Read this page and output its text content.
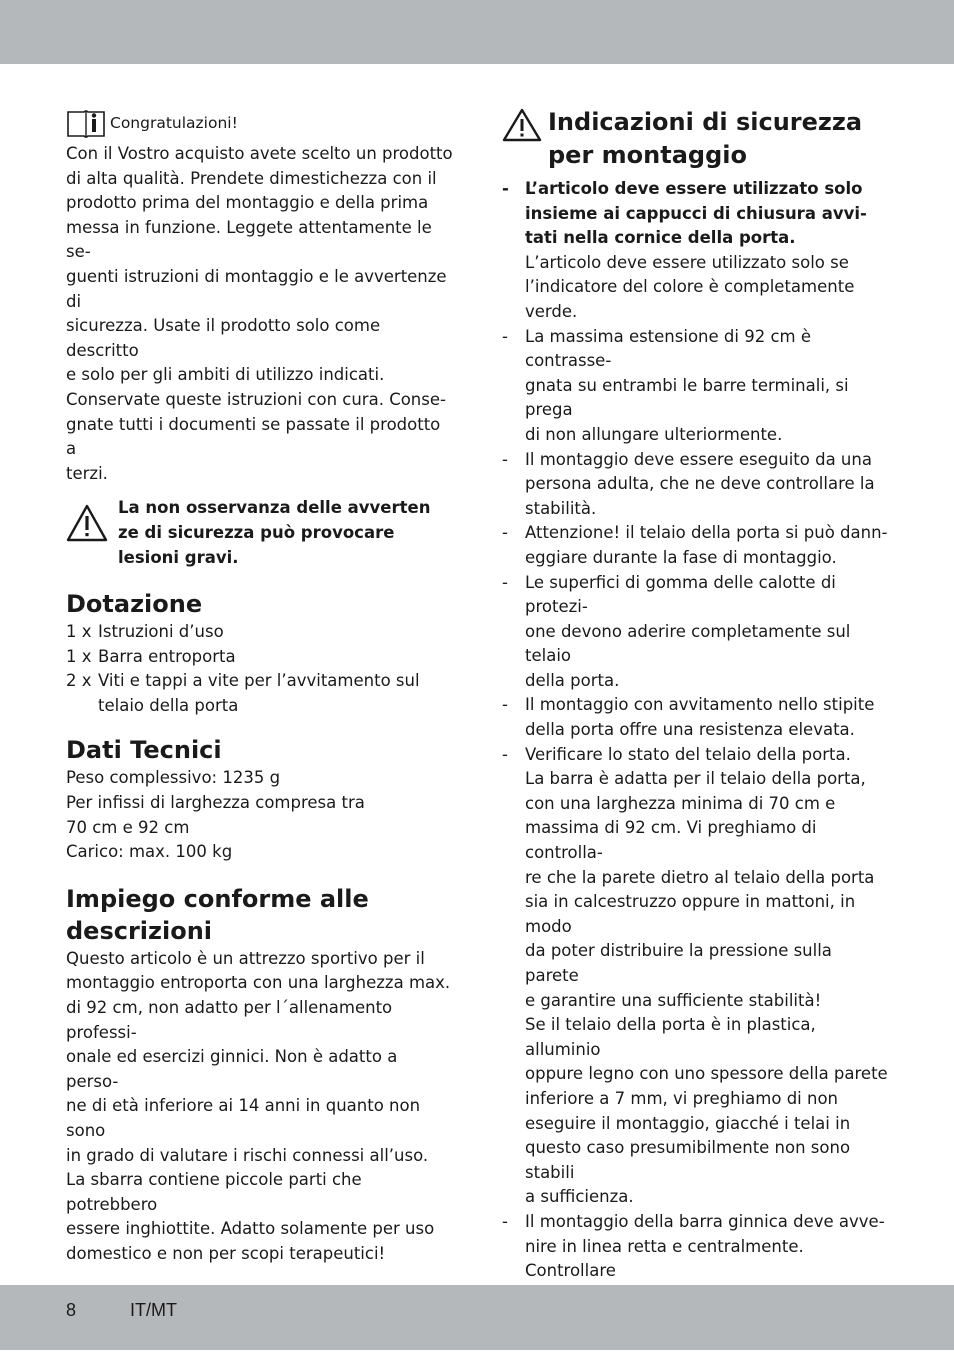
Congratulazioni!

Con il Vostro acquisto avete scelto un prodotto

di alta qualità. Prendete dimestichezza con il

prodotto prima del montaggio e della prima

messa in funzione. Leggete attentamente le se-

guenti istruzioni di montaggio e le avvertenze di

sicurezza. Usate il prodotto solo come descritto

e solo per gli ambiti di utilizzo indicati.

Conservate queste istruzioni con cura. Conse-

gnate tutti i documenti se passate il prodotto a

terzi.

La non osservanza delle avverten

ze di sicurezza può provocare

lesioni gravi.

Dotazione
1 x Istruzioni d’uso
1 x Barra entroporta
2 x Viti e tappi a vite per l’avvitamento sul telaio della porta
Dati Tecnici

Peso complessivo: 1235 g

Per infissi di larghezza compresa tra

70 cm e 92 cm

Carico: max. 100 kg

Impiego conforme alle
descrizioni

Questo articolo è un attrezzo sportivo per il

montaggio entroporta con una larghezza max.

di 92 cm, non adatto per l´allenamento professi-

onale ed esercizi ginnici. Non è adatto a perso-

ne di età inferiore ai 14 anni in quanto non sono

in grado di valutare i rischi connessi all’uso.

La sbarra contiene piccole parti che potrebbero

essere inghiottite. Adatto solamente per uso

domestico e non per scopi terapeutici!

Indicazioni di sicurezza
per montaggio
- L’articolo deve essere utilizzato solo

insieme ai cappucci di chiusura avvi-

tati nella cornice della porta.

L’articolo deve essere utilizzato solo se

l’indicatore del colore è completamente

verde.

-	La massima estensione di 92 cm è contrasse-

gnata su entrambi le barre terminali, si prega

di non allungare ulteriormente.

-	Il montaggio deve essere eseguito da una

persona adulta, che ne deve controllare la

stabilità.

-	Attenzione! il telaio della porta si può dann-

eggiare durante la fase di montaggio.

-	Le superfici di gomma delle calotte di protezi-

one devono aderire completamente sul telaio

della porta.

-	Il montaggio con avvitamento nello stipite

della porta offre una resistenza elevata.

-	Verificare lo stato del telaio della porta.

La barra è adatta per il telaio della porta,

con una larghezza minima di 70 cm e

massima di 92 cm. Vi preghiamo di controlla-

re che la parete dietro al telaio della porta

sia in calcestruzzo oppure in mattoni, in modo

da poter distribuire la pressione sulla parete

e garantire una sufficiente stabilità!

Se il telaio della porta è in plastica, alluminio

oppure legno con uno spessore della parete

inferiore a 7 mm, vi preghiamo di non

eseguire il montaggio, giacché i telai in

questo caso presumibilmente non sono stabili

a sufficienza.

-	Il montaggio della barra ginnica deve avve-

nire in linea retta e centralmente. Controllare

8	IT/MT
